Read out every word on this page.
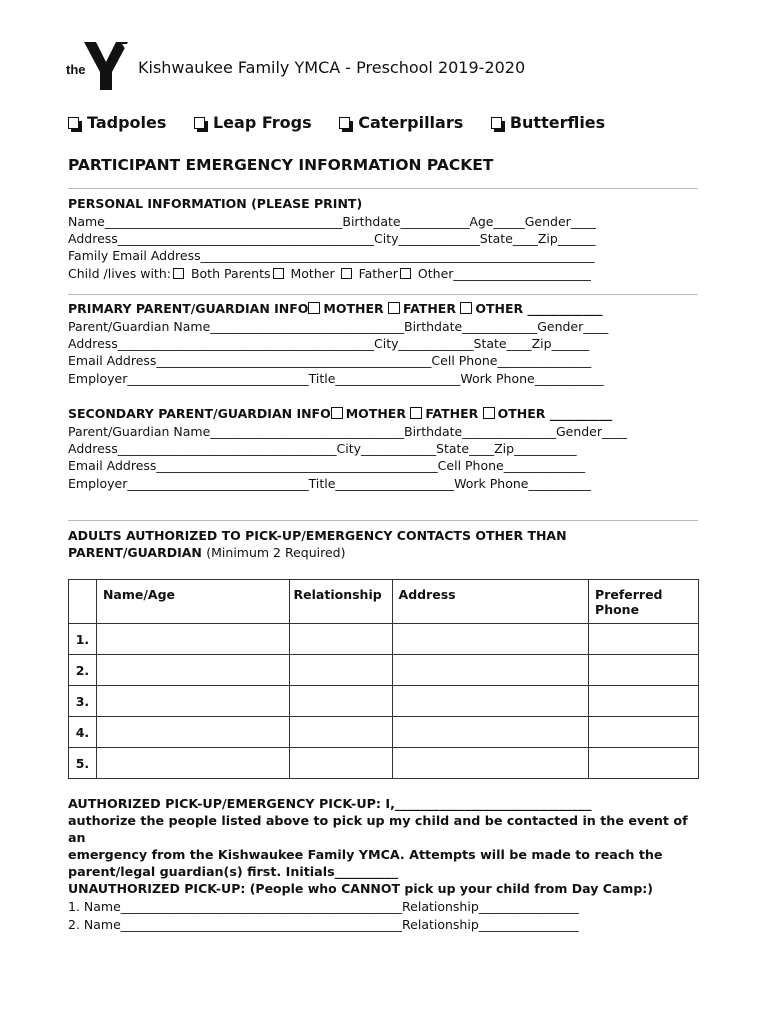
the	Kishwaukee Family YMCA - Preschool 2019-2020
Tadpoles
	Leap Frogs
	Caterpillars
	Butterflies
PARTICIPANT EMERGENCY INFORMATION PACKET
PERSONAL INFORMATION (PLEASE PRINT)
Name______________________________________Birthdate___________Age_____Gender____
Address_________________________________________City_____________State____Zip______
Family Email Address_______________________________________________________________
Child /lives with: Both Parents Mother Father Other______________________
PRIMARY PARENT/GUARDIAN INFO MOTHER FATHER OTHER ____________
Parent/Guardian Name_______________________________Birthdate____________Gender____
Address_________________________________________City____________State____Zip______
Email Address____________________________________________Cell Phone_______________
Employer_____________________________Title____________________Work Phone___________
SECONDARY PARENT/GUARDIAN INFO MOTHER FATHER OTHER __________
Parent/Guardian Name_______________________________Birthdate_______________Gender____
Address___________________________________City____________State____Zip__________
Email Address_____________________________________________Cell Phone_____________
Employer_____________________________Title___________________Work Phone__________
ADULTS AUTHORIZED TO PICK-UP/EMERGENCY CONTACTS OTHER THAN
PARENT/GUARDIAN (Minimum 2 Required)
	Name/Age	Relationship	Address	Preferred Phone
1.				
2.				
3.				
4.				
5.				
AUTHORIZED PICK-UP/EMERGENCY PICK-UP: I,_______________________________
authorize the people listed above to pick up my child and be contacted in the event of an
emergency from the Kishwaukee Family YMCA. Attempts will be made to reach the
parent/legal guardian(s) first. Initials__________
UNAUTHORIZED PICK-UP: (People who CANNOT pick up your child from Day Camp:)
1. Name_____________________________________________Relationship________________
2. Name_____________________________________________Relationship________________
